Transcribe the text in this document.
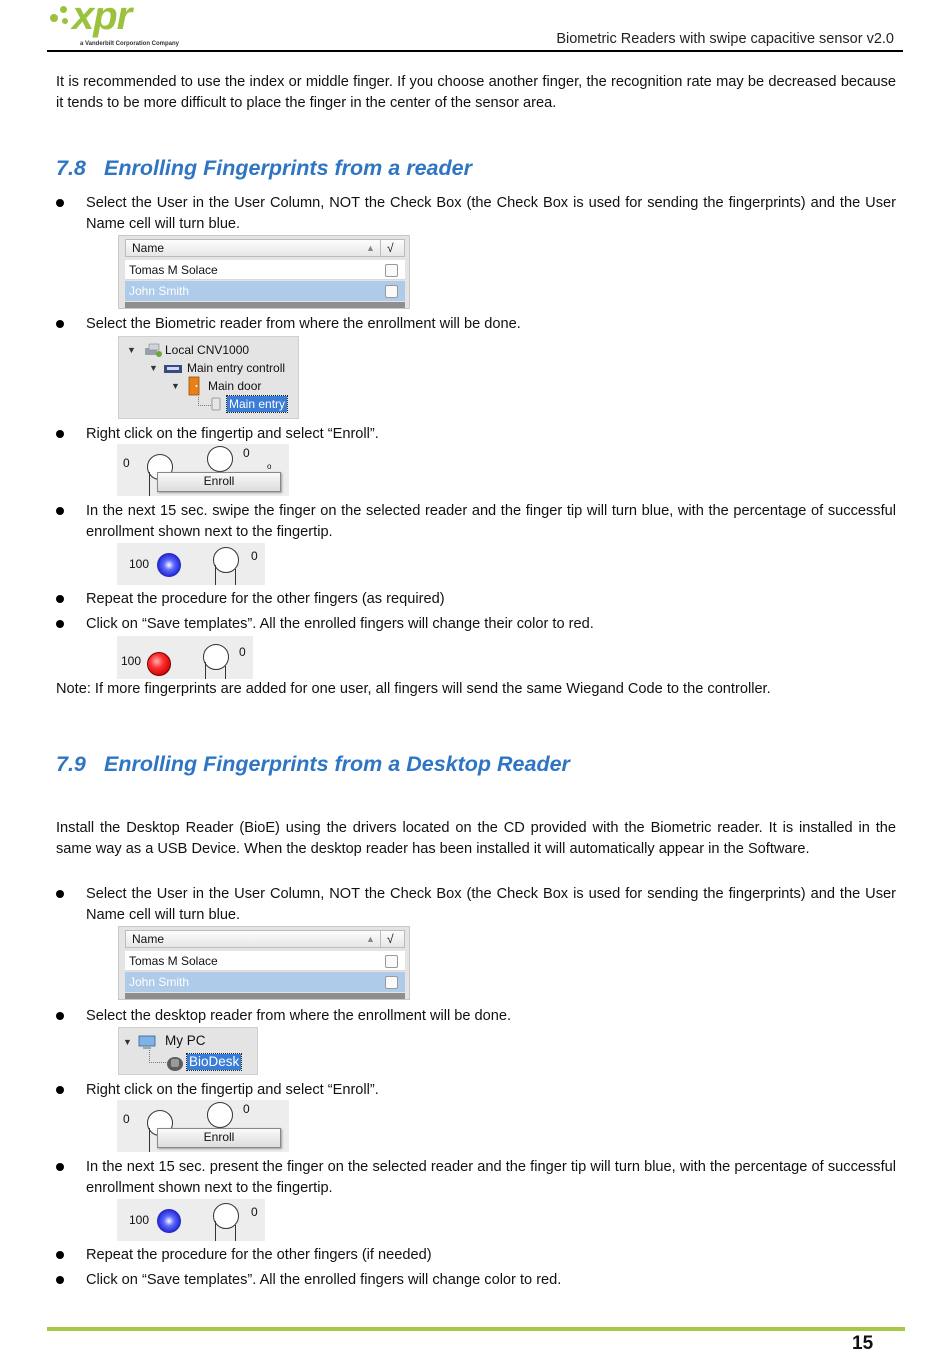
xpr
a Vanderbilt Corporation Company	Biometric Readers with swipe capacitive sensor v2.0
It is recommended to use the index or middle finger. If you choose another finger, the recognition rate may be decreased because it tends to be more difficult to place the finger in the center of the sensor area.
7.8 Enrolling Fingerprints from a reader
Select the User in the User Column, NOT the Check Box (the Check Box is used for sending the fingerprints) and the User Name cell will turn blue.
Name	▲	√
Tomas M Solace
John Smith
Select the Biometric reader from where the enrollment will be done.
▼ Local CNV1000
▼ Main entry controll
▼ Main door
Main entry
Right click on the fingertip and select “Enroll”.
0
0
o
Enroll
In the next 15 sec. swipe the finger on the selected reader and the finger tip will turn blue, with the percentage of successful enrollment shown next to the fingertip.
100
0
Repeat the procedure for the other fingers (as required)
Click on “Save templates”. All the enrolled fingers will change their color to red.
100
0
Note: If more fingerprints are added for one user, all fingers will send the same Wiegand Code to the controller.
7.9 Enrolling Fingerprints from a Desktop Reader
Install the Desktop Reader (BioE) using the drivers located on the CD provided with the Biometric reader. It is installed in the same way as a USB Device. When the desktop reader has been installed it will automatically appear in the Software.
Select the User in the User Column, NOT the Check Box (the Check Box is used for sending the fingerprints) and the User Name cell will turn blue.
Name	▲	√
Tomas M Solace
John Smith
Select the desktop reader from where the enrollment will be done.
▼ My PC
BioDesk
Right click on the fingertip and select “Enroll”.
0
0
Enroll
In the next 15 sec. present the finger on the selected reader and the finger tip will turn blue, with the percentage of successful enrollment shown next to the fingertip.
100
0
Repeat the procedure for the other fingers (if needed)
Click on “Save templates”. All the enrolled fingers will change color to red.
15
